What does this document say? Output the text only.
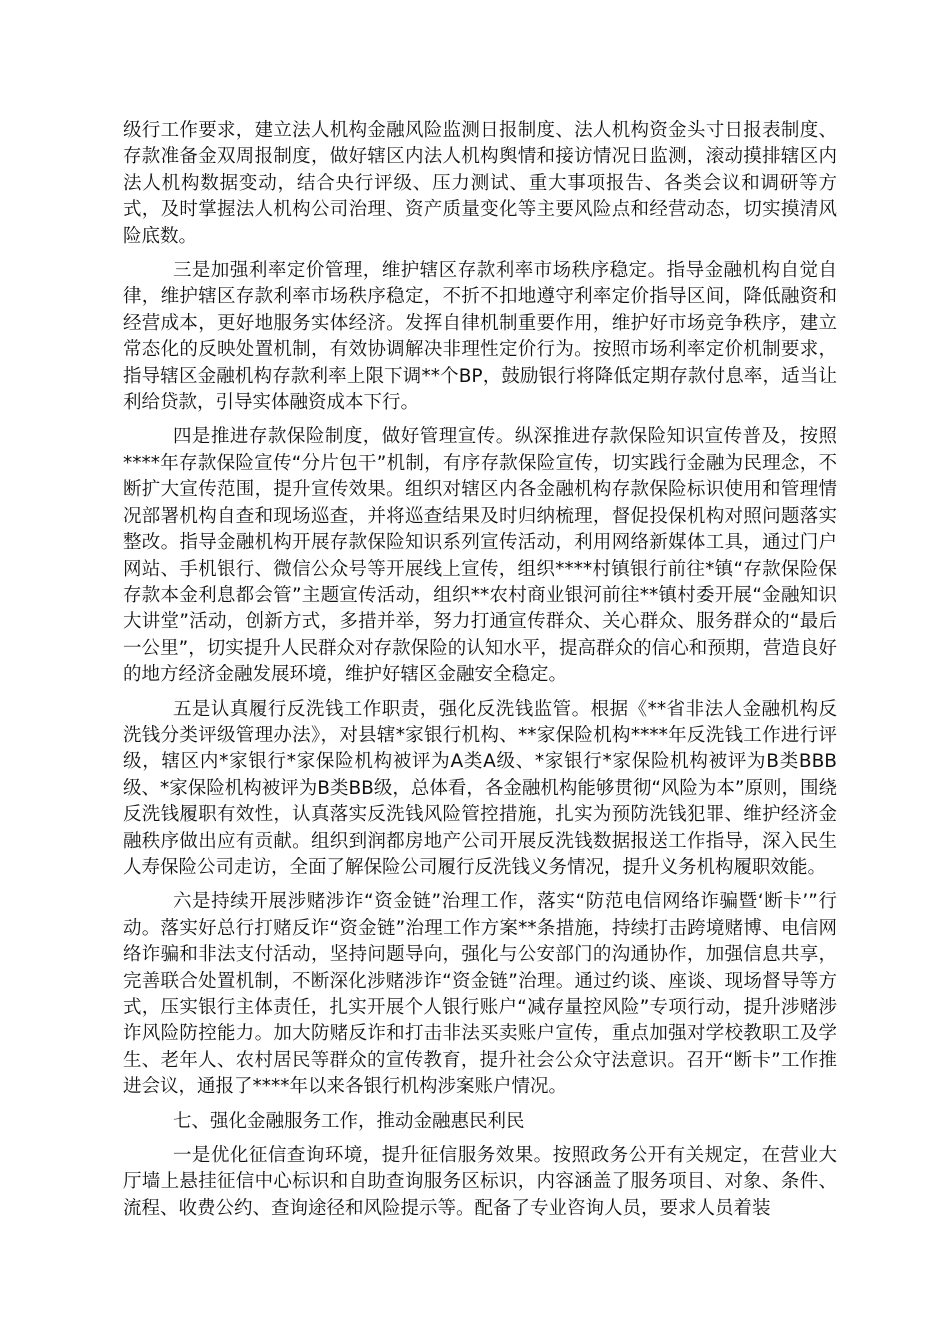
级行工作要求，建立法人机构金融风险监测日报制度、法人机构资金头寸日报表制度、存款准备金双周报制度，做好辖区内法人机构舆情和接访情况日监测，滚动摸排辖区内法人机构数据变动，结合央行评级、压力测试、重大事项报告、各类会议和调研等方式，及时掌握法人机构公司治理、资产质量变化等主要风险点和经营动态，切实摸清风险底数。

三是加强利率定价管理，维护辖区存款利率市场秩序稳定。指导金融机构自觉自律，维护辖区存款利率市场秩序稳定，不折不扣地遵守利率定价指导区间，降低融资和经营成本，更好地服务实体经济。发挥自律机制重要作用，维护好市场竞争秩序，建立常态化的反映处置机制，有效协调解决非理性定价行为。按照市场利率定价机制要求，指导辖区金融机构存款利率上限下调**个BP，鼓励银行将降低定期存款付息率，适当让利给贷款，引导实体融资成本下行。

四是推进存款保险制度，做好管理宣传。纵深推进存款保险知识宣传普及，按照****年存款保险宣传“分片包干”机制，有序存款保险宣传，切实践行金融为民理念，不断扩大宣传范围，提升宣传效果。组织对辖区内各金融机构存款保险标识使用和管理情况部署机构自查和现场巡查，并将巡查结果及时归纳梳理，督促投保机构对照问题落实整改。指导金融机构开展存款保险知识系列宣传活动，利用网络新媒体工具，通过门户网站、手机银行、微信公众号等开展线上宣传，组织****村镇银行前往*镇“存款保险保存款本金利息都会管”主题宣传活动，组织**农村商业银河前往**镇村委开展“金融知识大讲堂”活动，创新方式，多措并举，努力打通宣传群众、关心群众、服务群众的“最后一公里”，切实提升人民群众对存款保险的认知水平，提高群众的信心和预期，营造良好的地方经济金融发展环境，维护好辖区金融安全稳定。

五是认真履行反洗钱工作职责，强化反洗钱监管。根据《**省非法人金融机构反洗钱分类评级管理办法》，对县辖*家银行机构、**家保险机构****年反洗钱工作进行评级，辖区内*家银行*家保险机构被评为A类A级、*家银行*家保险机构被评为B类BBB级、*家保险机构被评为B类BB级，总体看，各金融机构能够贯彻“风险为本”原则，围绕反洗钱履职有效性，认真落实反洗钱风险管控措施，扎实为预防洗钱犯罪、维护经济金融秩序做出应有贡献。组织到润都房地产公司开展反洗钱数据报送工作指导，深入民生人寿保险公司走访，全面了解保险公司履行反洗钱义务情况，提升义务机构履职效能。

六是持续开展涉赌涉诈“资金链”治理工作，落实“防范电信网络诈骗暨‘断卡’”行动。落实好总行打赌反诈“资金链”治理工作方案**条措施，持续打击跨境赌博、电信网络诈骗和非法支付活动，坚持问题导向，强化与公安部门的沟通协作，加强信息共享，完善联合处置机制，不断深化涉赌涉诈“资金链”治理。通过约谈、座谈、现场督导等方式，压实银行主体责任，扎实开展个人银行账户“减存量控风险”专项行动，提升涉赌涉诈风险防控能力。加大防赌反诈和打击非法买卖账户宣传，重点加强对学校教职工及学生、老年人、农村居民等群众的宣传教育，提升社会公众守法意识。召开“断卡”工作推进会议，通报了****年以来各银行机构涉案账户情况。

七、强化金融服务工作，推动金融惠民利民

一是优化征信查询环境，提升征信服务效果。按照政务公开有关规定，在营业大厅墙上悬挂征信中心标识和自助查询服务区标识，内容涵盖了服务项目、对象、条件、流程、收费公约、查询途径和风险提示等。配备了专业咨询人员，要求人员着装
